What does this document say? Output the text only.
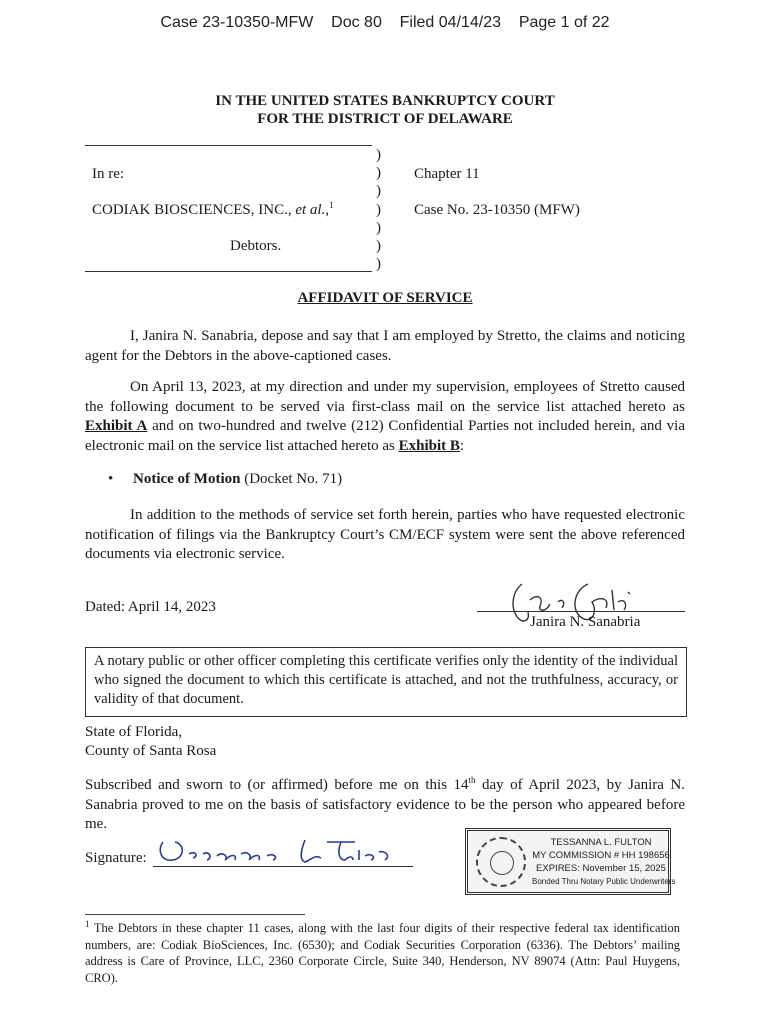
Case 23-10350-MFW Doc 80 Filed 04/14/23 Page 1 of 22
IN THE UNITED STATES BANKRUPTCY COURT
FOR THE DISTRICT OF DELAWARE
)
)
)
)
)
)
)
In re:
CODIAK BIOSCIENCES, INC., et al.,$^1$
Debtors.
Chapter 11
Case No. 23-10350 (MFW)
AFFIDAVIT OF SERVICE
I, Janira N. Sanabria, depose and say that I am employed by Stretto, the claims and noticing agent for the Debtors in the above-captioned cases.
On April 13, 2023, at my direction and under my supervision, employees of Stretto caused the following document to be served via first-class mail on the service list attached hereto as Exhibit A and on two-hundred and twelve (212) Confidential Parties not included herein, and via electronic mail on the service list attached hereto as Exhibit B:
• Notice of Motion (Docket No. 71)
In addition to the methods of service set forth herein, parties who have requested electronic notification of filings via the Bankruptcy Court’s CM/ECF system were sent the above referenced documents via electronic service.
Dated: April 14, 2023
Janira N. Sanabria
A notary public or other officer completing this certificate verifies only the identity of the individual who signed the document to which this certificate is attached, and not the truthfulness, accuracy, or validity of that document.
State of Florida,
County of Santa Rosa
Subscribed and sworn to (or affirmed) before me on this 14th day of April 2023, by Janira N. Sanabria proved to me on the basis of satisfactory evidence to be the person who appeared before me.
Signature:
TESSANNA L. FULTON
MY COMMISSION # HH 198656
EXPIRES: November 15, 2025
Bonded Thru Notary Public Underwriters
$^1$ The Debtors in these chapter 11 cases, along with the last four digits of their respective federal tax identification numbers, are: Codiak BioSciences, Inc. (6530); and Codiak Securities Corporation (6336). The Debtors’ mailing address is Care of Province, LLC, 2360 Corporate Circle, Suite 340, Henderson, NV 89074 (Attn: Paul Huygens, CRO).
